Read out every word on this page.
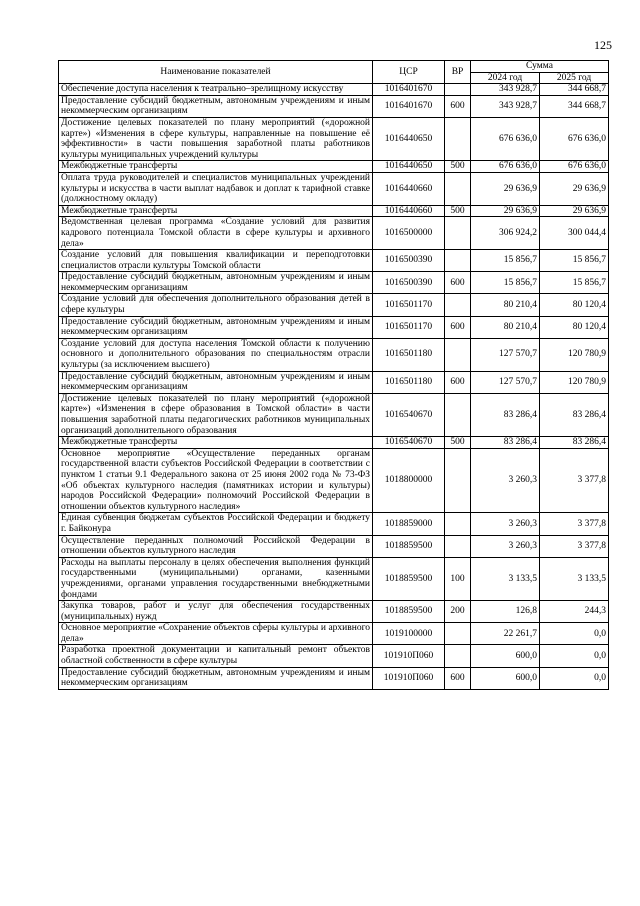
125
Наименование показателей	ЦСР	ВР	Сумма	
			2024 год	2025 год
Обеспечение доступа населения к театрально–зрелищному искусству	1016401670		343 928,7	344 668,7
Предоставление субсидий бюджетным, автономным учреждениям и иным некоммерческим организациям	1016401670	600	343 928,7	344 668,7
Достижение целевых показателей по плану мероприятий («дорожной карте») «Изменения в сфере культуры, направленные на повышение её эффективности» в части повышения заработной платы работников культуры муниципальных учреждений культуры	1016440650		676 636,0	676 636,0
Межбюджетные трансферты	1016440650	500	676 636,0	676 636,0
Оплата труда руководителей и специалистов муниципальных учреждений культуры и искусства в части выплат надбавок и доплат к тарифной ставке (должностному окладу)	1016440660		29 636,9	29 636,9
Межбюджетные трансферты	1016440660	500	29 636,9	29 636,9
Ведомственная целевая программа «Создание условий для развития кадрового потенциала Томской области в сфере культуры и архивного дела»	1016500000		306 924,2	300 044,4
Создание условий для повышения квалификации и переподготовки специалистов отрасли культуры Томской области	1016500390		15 856,7	15 856,7
Предоставление субсидий бюджетным, автономным учреждениям и иным некоммерческим организациям	1016500390	600	15 856,7	15 856,7
Создание условий для обеспечения дополнительного образования детей в сфере культуры	1016501170		80 210,4	80 120,4
Предоставление субсидий бюджетным, автономным учреждениям и иным некоммерческим организациям	1016501170	600	80 210,4	80 120,4
Создание условий для доступа населения Томской области к получению основного и дополнительного образования по специальностям отрасли культуры (за исключением высшего)	1016501180		127 570,7	120 780,9
Предоставление субсидий бюджетным, автономным учреждениям и иным некоммерческим организациям	1016501180	600	127 570,7	120 780,9
Достижение целевых показателей по плану мероприятий («дорожной карте») «Изменения в сфере образования в Томской области» в части повышения заработной платы педагогических работников муниципальных организаций дополнительного образования	1016540670		83 286,4	83 286,4
Межбюджетные трансферты	1016540670	500	83 286,4	83 286,4
Основное мероприятие «Осуществление переданных органам государственной власти субъектов Российской Федерации в соответствии с пунктом 1 статьи 9.1 Федерального закона от 25 июня 2002 года № 73-ФЗ «Об объектах культурного наследия (памятниках истории и культуры) народов Российской Федерации» полномочий Российской Федерации в отношении объектов культурного наследия»	1018800000		3 260,3	3 377,8
Единая субвенция бюджетам субъектов Российской Федерации и бюджету г. Байконура	1018859000		3 260,3	3 377,8
Осуществление переданных полномочий Российской Федерации в отношении объектов культурного наследия	1018859500		3 260,3	3 377,8
Расходы на выплаты персоналу в целях обеспечения выполнения функций государственными (муниципальными) органами, казенными учреждениями, органами управления государственными внебюджетными фондами	1018859500	100	3 133,5	3 133,5
Закупка товаров, работ и услуг для обеспечения государственных (муниципальных) нужд	1018859500	200	126,8	244,3
Основное мероприятие «Сохранение объектов сферы культуры и архивного дела»	1019100000		22 261,7	0,0
Разработка проектной документации и капитальный ремонт объектов областной собственности в сфере культуры	101910П060		600,0	0,0
Предоставление субсидий бюджетным, автономным учреждениям и иным некоммерческим организациям	101910П060	600	600,0	0,0
